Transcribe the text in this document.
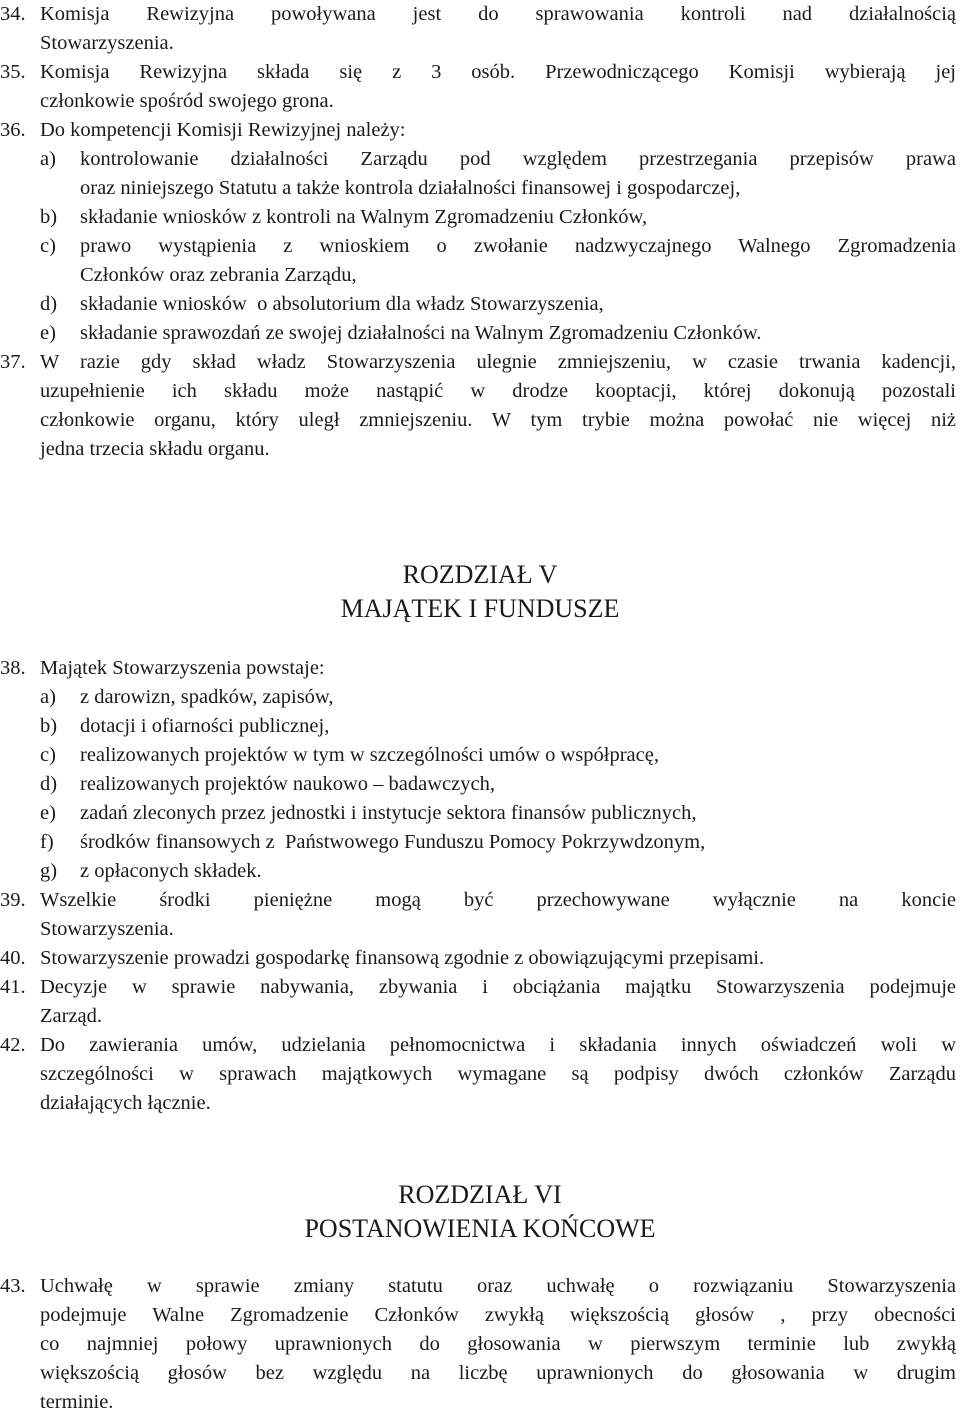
34. Komisja Rewizyjna powoływana jest do sprawowania kontroli nad działalnością
Stowarzyszenia.
35. Komisja Rewizyjna składa się z 3 osób. Przewodniczącego Komisji wybierają jej
członkowie spośród swojego grona.
36. Do kompetencji Komisji Rewizyjnej należy:
a) kontrolowanie działalności Zarządu pod względem przestrzegania przepisów prawa
oraz niniejszego Statutu a także kontrola działalności finansowej i gospodarczej,
b) składanie wniosków z kontroli na Walnym Zgromadzeniu Członków,
c) prawo wystąpienia z wnioskiem o zwołanie nadzwyczajnego Walnego Zgromadzenia
Członków oraz zebrania Zarządu,
d) składanie wniosków  o absolutorium dla władz Stowarzyszenia,
e) składanie sprawozdań ze swojej działalności na Walnym Zgromadzeniu Członków.
37. W razie gdy skład władz Stowarzyszenia ulegnie zmniejszeniu, w czasie trwania kadencji,
uzupełnienie ich składu może nastąpić w drodze kooptacji, której dokonują pozostali
członkowie organu, który uległ zmniejszeniu. W tym trybie można powołać nie więcej niż
jedna trzecia składu organu.
ROZDZIAŁ V
MAJĄTEK I FUNDUSZE
38. Majątek Stowarzyszenia powstaje:
a) z darowizn, spadków, zapisów,
b) dotacji i ofiarności publicznej,
c) realizowanych projektów w tym w szczególności umów o współpracę,
d) realizowanych projektów naukowo – badawczych,
e) zadań zleconych przez jednostki i instytucje sektora finansów publicznych,
f) środków finansowych z  Państwowego Funduszu Pomocy Pokrzywdzonym,
g) z opłaconych składek.
39. Wszelkie środki pieniężne mogą być przechowywane wyłącznie na koncie
Stowarzyszenia.
40. Stowarzyszenie prowadzi gospodarkę finansową zgodnie z obowiązującymi przepisami.
41. Decyzje w sprawie nabywania, zbywania i obciążania majątku Stowarzyszenia podejmuje
Zarząd.
42. Do zawierania umów, udzielania pełnomocnictwa i składania innych oświadczeń woli w
szczególności w sprawach majątkowych wymagane są podpisy dwóch członków Zarządu
działających łącznie.
ROZDZIAŁ VI
POSTANOWIENIA KOŃCOWE
43. Uchwałę w sprawie zmiany statutu oraz uchwałę o rozwiązaniu Stowarzyszenia
podejmuje Walne Zgromadzenie Członków zwykłą większością głosów , przy obecności
co najmniej połowy uprawnionych do głosowania w pierwszym terminie lub zwykłą
większością głosów bez względu na liczbę uprawnionych do głosowania w drugim
terminie.
